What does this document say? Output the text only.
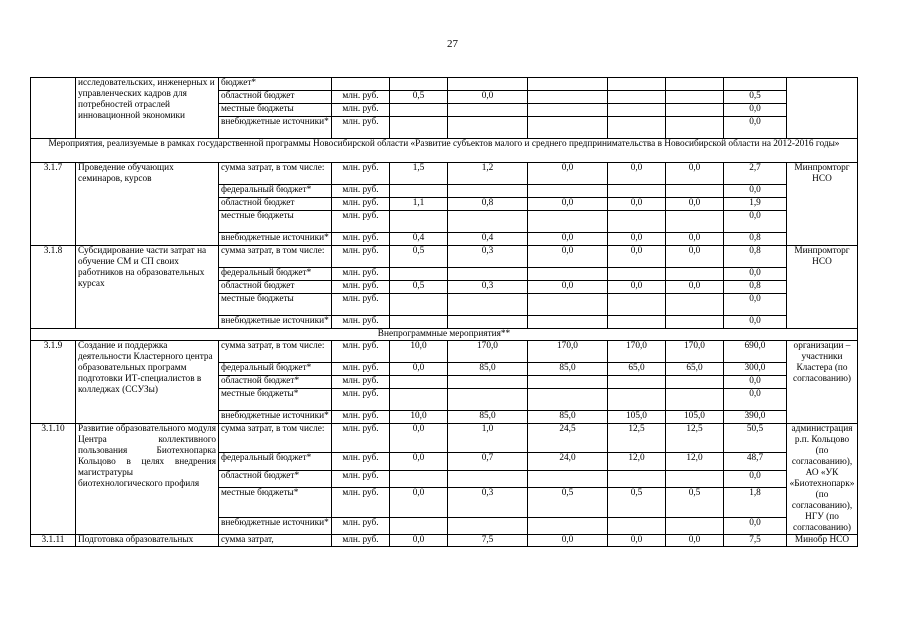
27
	исследовательских, инженерных и управленческих кадров для потребностей отраслей инновационной экономики	бюджет*								
		областной бюджет	млн. руб.	0,5	0,0				0,5	
		местные бюджеты	млн. руб.						0,0	
		внебюджетные источники*	млн. руб.						0,0	
Мероприятия, реализуемые в рамках государственной программы Новосибирской области «Развитие субъектов малого и среднего предпринимательства в Новосибирской области на 2012-2016 годы»										
3.1.7	Проведение обучающих семинаров, курсов	сумма затрат, в том числе:	млн. руб.	1,5	1,2	0,0	0,0	0,0	2,7	Минпромторг НСО
		федеральный бюджет*	млн. руб.						0,0	
		областной бюджет	млн. руб.	1,1	0,8	0,0	0,0	0,0	1,9	
		местные бюджеты	млн. руб.						0,0	
		внебюджетные источники*	млн. руб.	0,4	0,4	0,0	0,0	0,0	0,8	
3.1.8	Субсидирование части затрат на обучение СМ и СП своих работников на образовательных курсах	сумма затрат, в том числе:	млн. руб.	0,5	0,3	0,0	0,0	0,0	0,8	Минпромторг НСО
		федеральный бюджет*	млн. руб.						0,0	
		областной бюджет	млн. руб.	0,5	0,3	0,0	0,0	0,0	0,8	
		местные бюджеты	млн. руб.						0,0	
		внебюджетные источники*	млн. руб.						0,0	
Внепрограммные мероприятия**										
3.1.9	Создание и поддержка деятельности Кластерного центра образовательных программ подготовки ИТ-специалистов в колледжах (ССУЗы)	сумма затрат, в том числе:	млн. руб.	10,0	170,0	170,0	170,0	170,0	690,0	организации – участники Кластера (по согласованию)
		федеральный бюджет*	млн. руб.	0,0	85,0	85,0	65,0	65,0	300,0	
		областной бюджет*	млн. руб.						0,0	
		местные бюджеты*	млн. руб.						0,0	
		внебюджетные источники*	млн. руб.	10,0	85,0	85,0	105,0	105,0	390,0	
3.1.10	Развитие образовательного модуля Центра коллективного пользования Биотехнопарка Кольцово в целях внедрения магистратуры биотехнологического профиля	сумма затрат, в том числе:	млн. руб.	0,0	1,0	24,5	12,5	12,5	50,5	администрация р.п. Кольцово (по согласованию), АО «УК «Биотехнопарк» (по согласованию), НГУ (по согласованию)
		федеральный бюджет*	млн. руб.	0,0	0,7	24,0	12,0	12,0	48,7	
		областной бюджет*	млн. руб.						0,0	
		местные бюджеты*	млн. руб.	0,0	0,3	0,5	0,5	0,5	1,8	
		внебюджетные источники*	млн. руб.						0,0	
3.1.11	Подготовка образовательных	сумма затрат,	млн. руб.	0,0	7,5	0,0	0,0	0,0	7,5	Минобр НСО
